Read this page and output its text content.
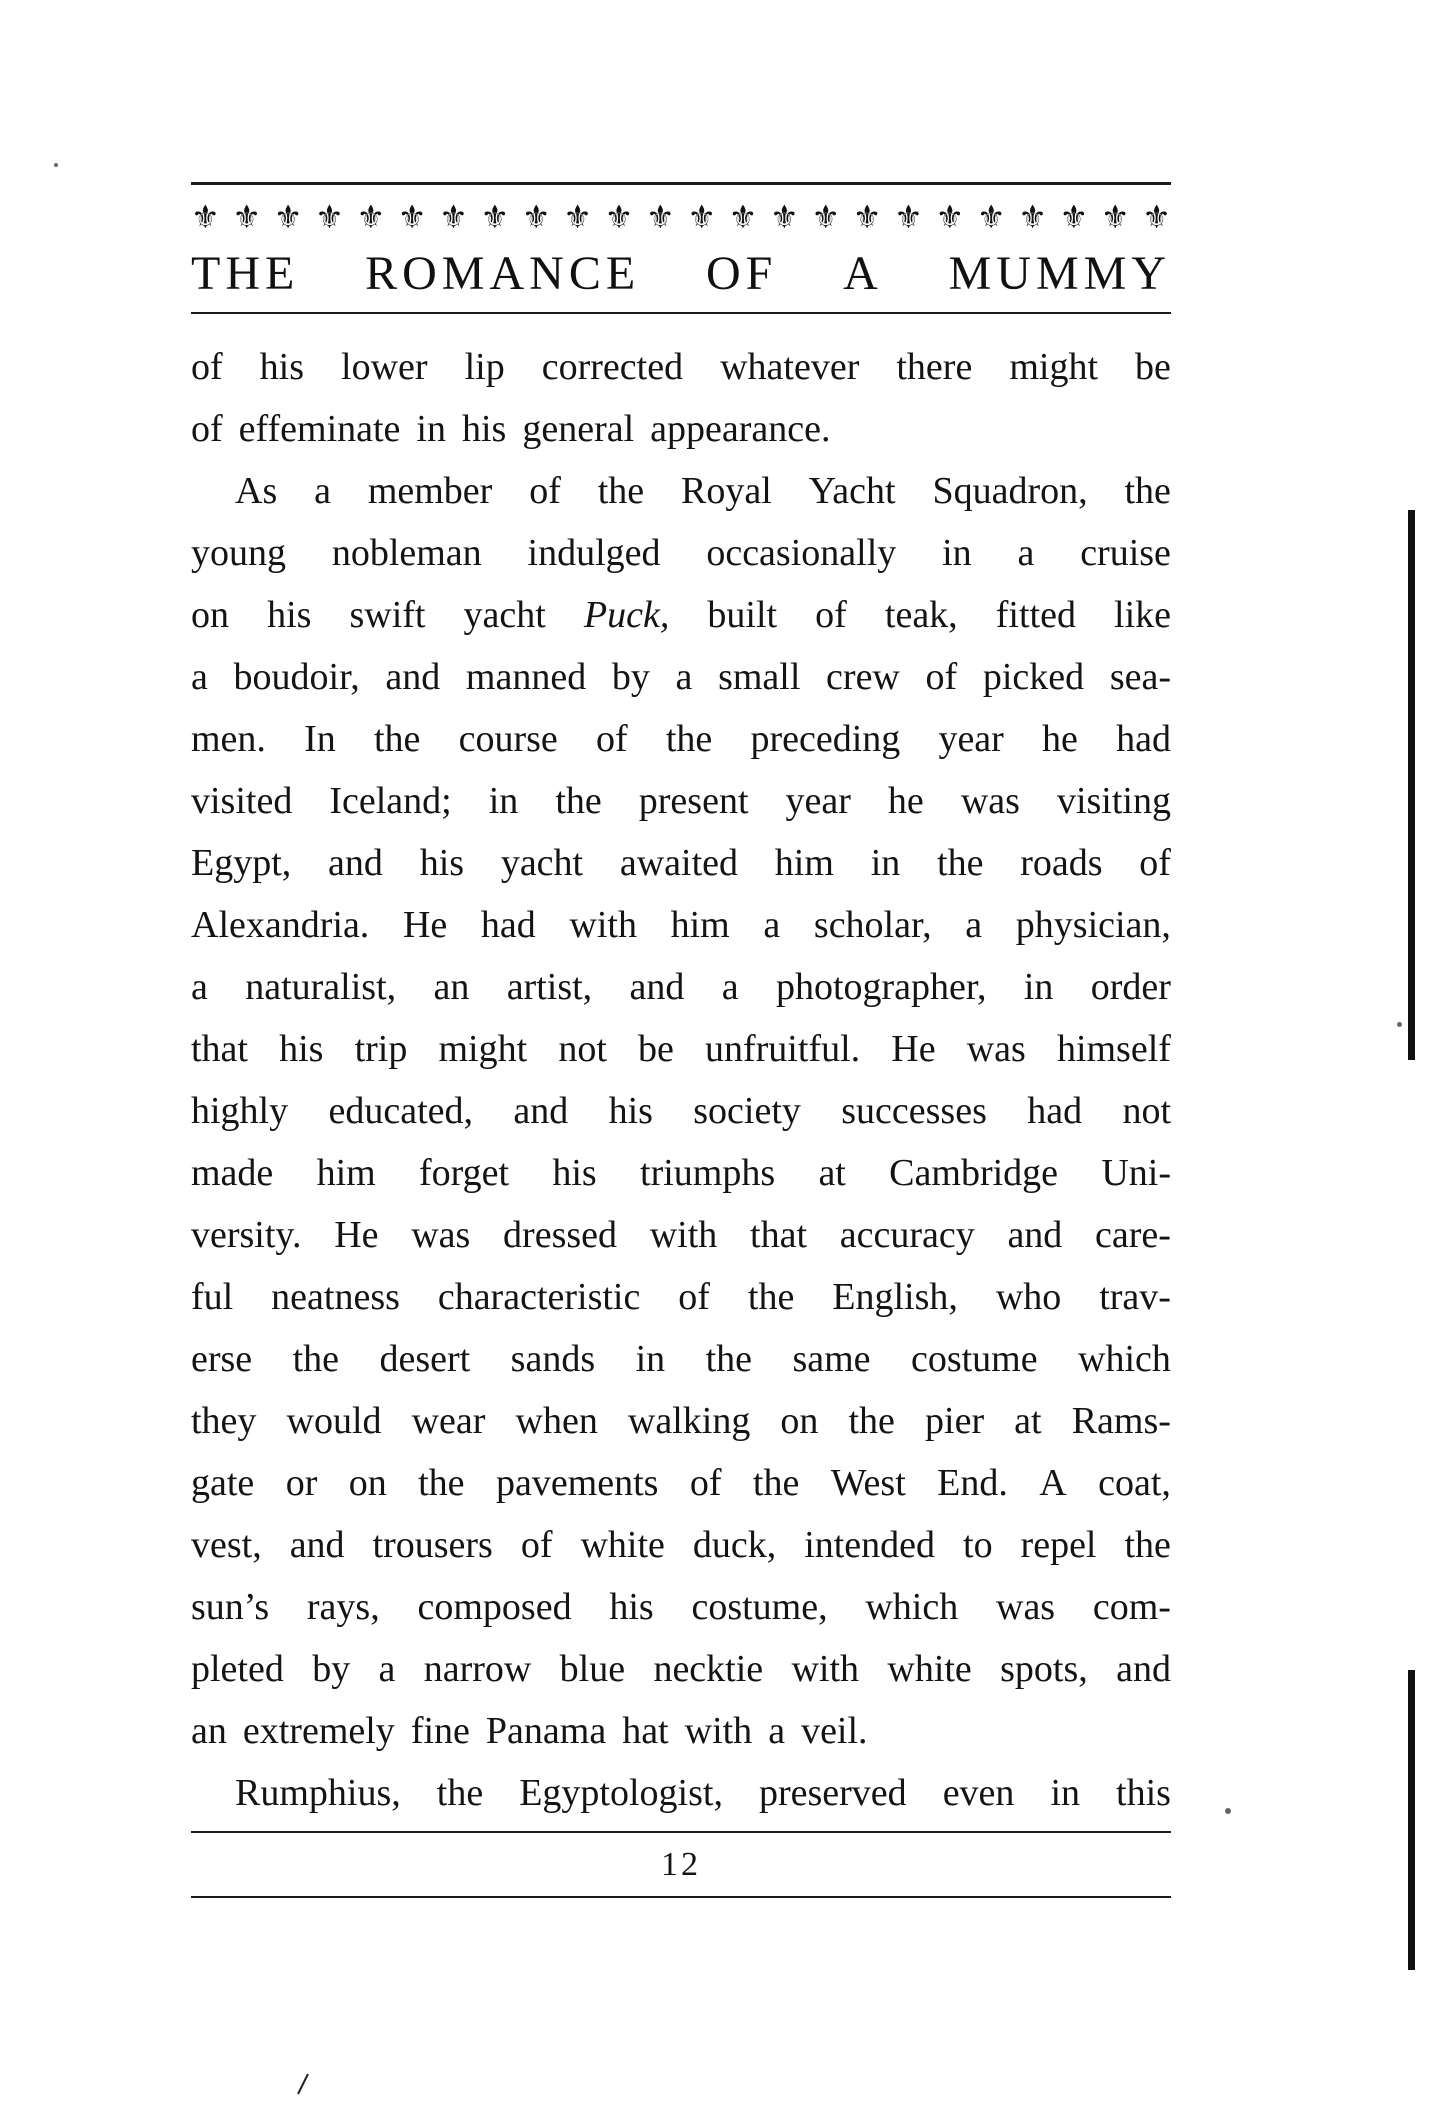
⚜ ⚜ ⚜ ⚜ ⚜ ⚜ ⚜ ⚜ ⚜ ⚜ ⚜ ⚜ ⚜ ⚜ ⚜ ⚜ ⚜ ⚜ ⚜ ⚜ ⚜ ⚜ ⚜ ⚜
THE ROMANCE OF A MUMMY
of his lower lip corrected whatever there might be
of effeminate in his general appearance.
As a member of the Royal Yacht Squadron, the
young nobleman indulged occasionally in a cruise
on his swift yacht Puck, built of teak, fitted like
a boudoir, and manned by a small crew of picked sea-
men. In the course of the preceding year he had
visited Iceland; in the present year he was visiting
Egypt, and his yacht awaited him in the roads of
Alexandria. He had with him a scholar, a physician,
a naturalist, an artist, and a photographer, in order
that his trip might not be unfruitful. He was himself
highly educated, and his society successes had not
made him forget his triumphs at Cambridge Uni-
versity. He was dressed with that accuracy and care-
ful neatness characteristic of the English, who trav-
erse the desert sands in the same costume which
they would wear when walking on the pier at Rams-
gate or on the pavements of the West End. A coat,
vest, and trousers of white duck, intended to repel the
sun’s rays, composed his costume, which was com-
pleted by a narrow blue necktie with white spots, and
an extremely fine Panama hat with a veil.
Rumphius, the Egyptologist, preserved even in this
12
